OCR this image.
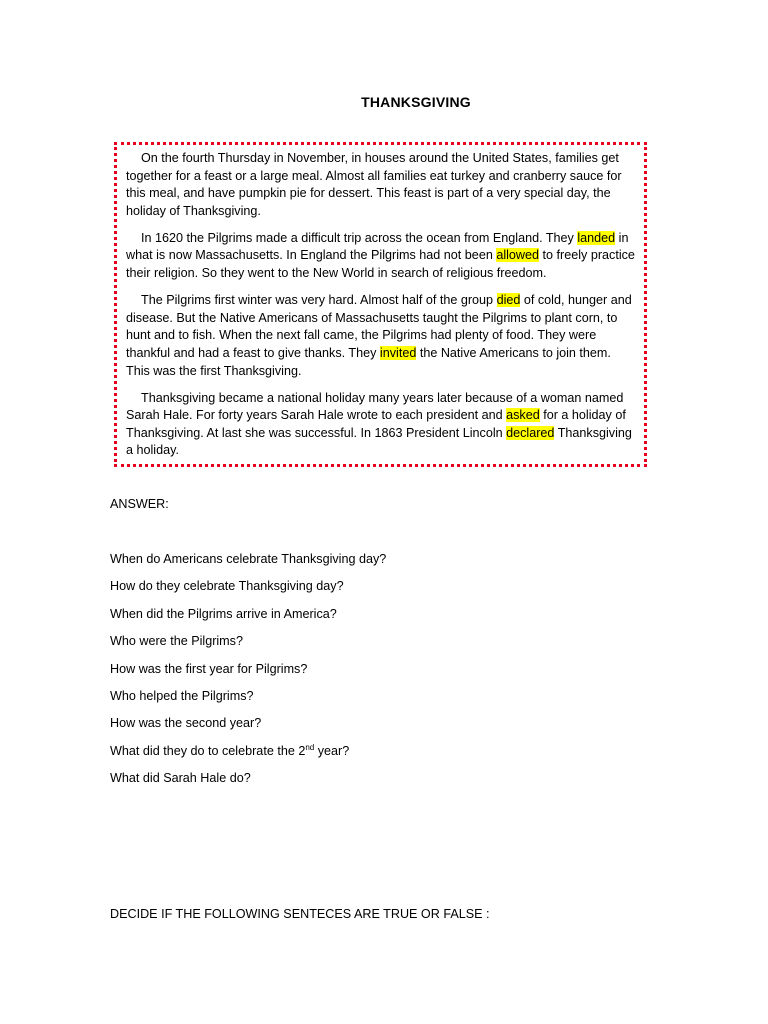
THANKSGIVING

On the fourth Thursday in November, in houses around the United States, families get together for a feast or a large meal. Almost all families eat turkey and cranberry sauce for this meal, and have pumpkin pie for dessert. This feast is part of a very special day, the holiday of Thanksgiving.

In 1620 the Pilgrims made a difficult trip across the ocean from England. They landed in what is now Massachusetts. In England the Pilgrims had not been allowed to freely practice their religion. So they went to the New World in search of religious freedom.

The Pilgrims first winter was very hard. Almost half of the group died of cold, hunger and disease. But the Native Americans of Massachusetts taught the Pilgrims to plant corn, to hunt and to fish. When the next fall came, the Pilgrims had plenty of food. They were thankful and had a feast to give thanks. They invited the Native Americans to join them. This was the first Thanksgiving.

Thanksgiving became a national holiday many years later because of a woman named Sarah Hale. For forty years Sarah Hale wrote to each president and asked for a holiday of Thanksgiving. At last she was successful. In 1863 President Lincoln declared Thanksgiving a holiday.

ANSWER:

When do Americans celebrate Thanksgiving day?
How do they celebrate Thanksgiving day?
When did the Pilgrims arrive in America?
Who were the Pilgrims?
How was the first year for Pilgrims?
Who helped the Pilgrims?
How was the second year?
What did they do to celebrate the 2nd year?
What did Sarah Hale do?

DECIDE IF THE FOLLOWING SENTECES ARE TRUE OR FALSE :
